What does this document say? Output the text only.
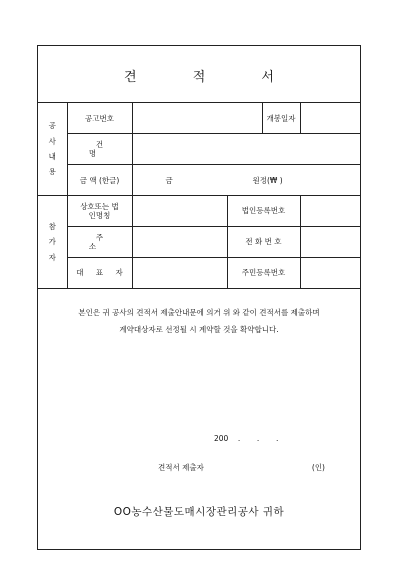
견 적 서
공
사
내
용	공고번호			개봉일자	
	건 명				
	금 액 (한글)	금 원정(₩ )			

참
가
자	상호또는 법인명칭		법인등록번호		
	주 소		전 화 번 호		
	대 표 자		주민등록번호		
본인은 귀 공사의 견적서 제출안내문에 의거 위 와 같이 견적서를 제출하며
계약대상자로 선정될 시 계약할 것을 확약합니다.
200    .       .       .
견적서 제출자	(인)
OO농수산물도매시장관리공사 귀하
